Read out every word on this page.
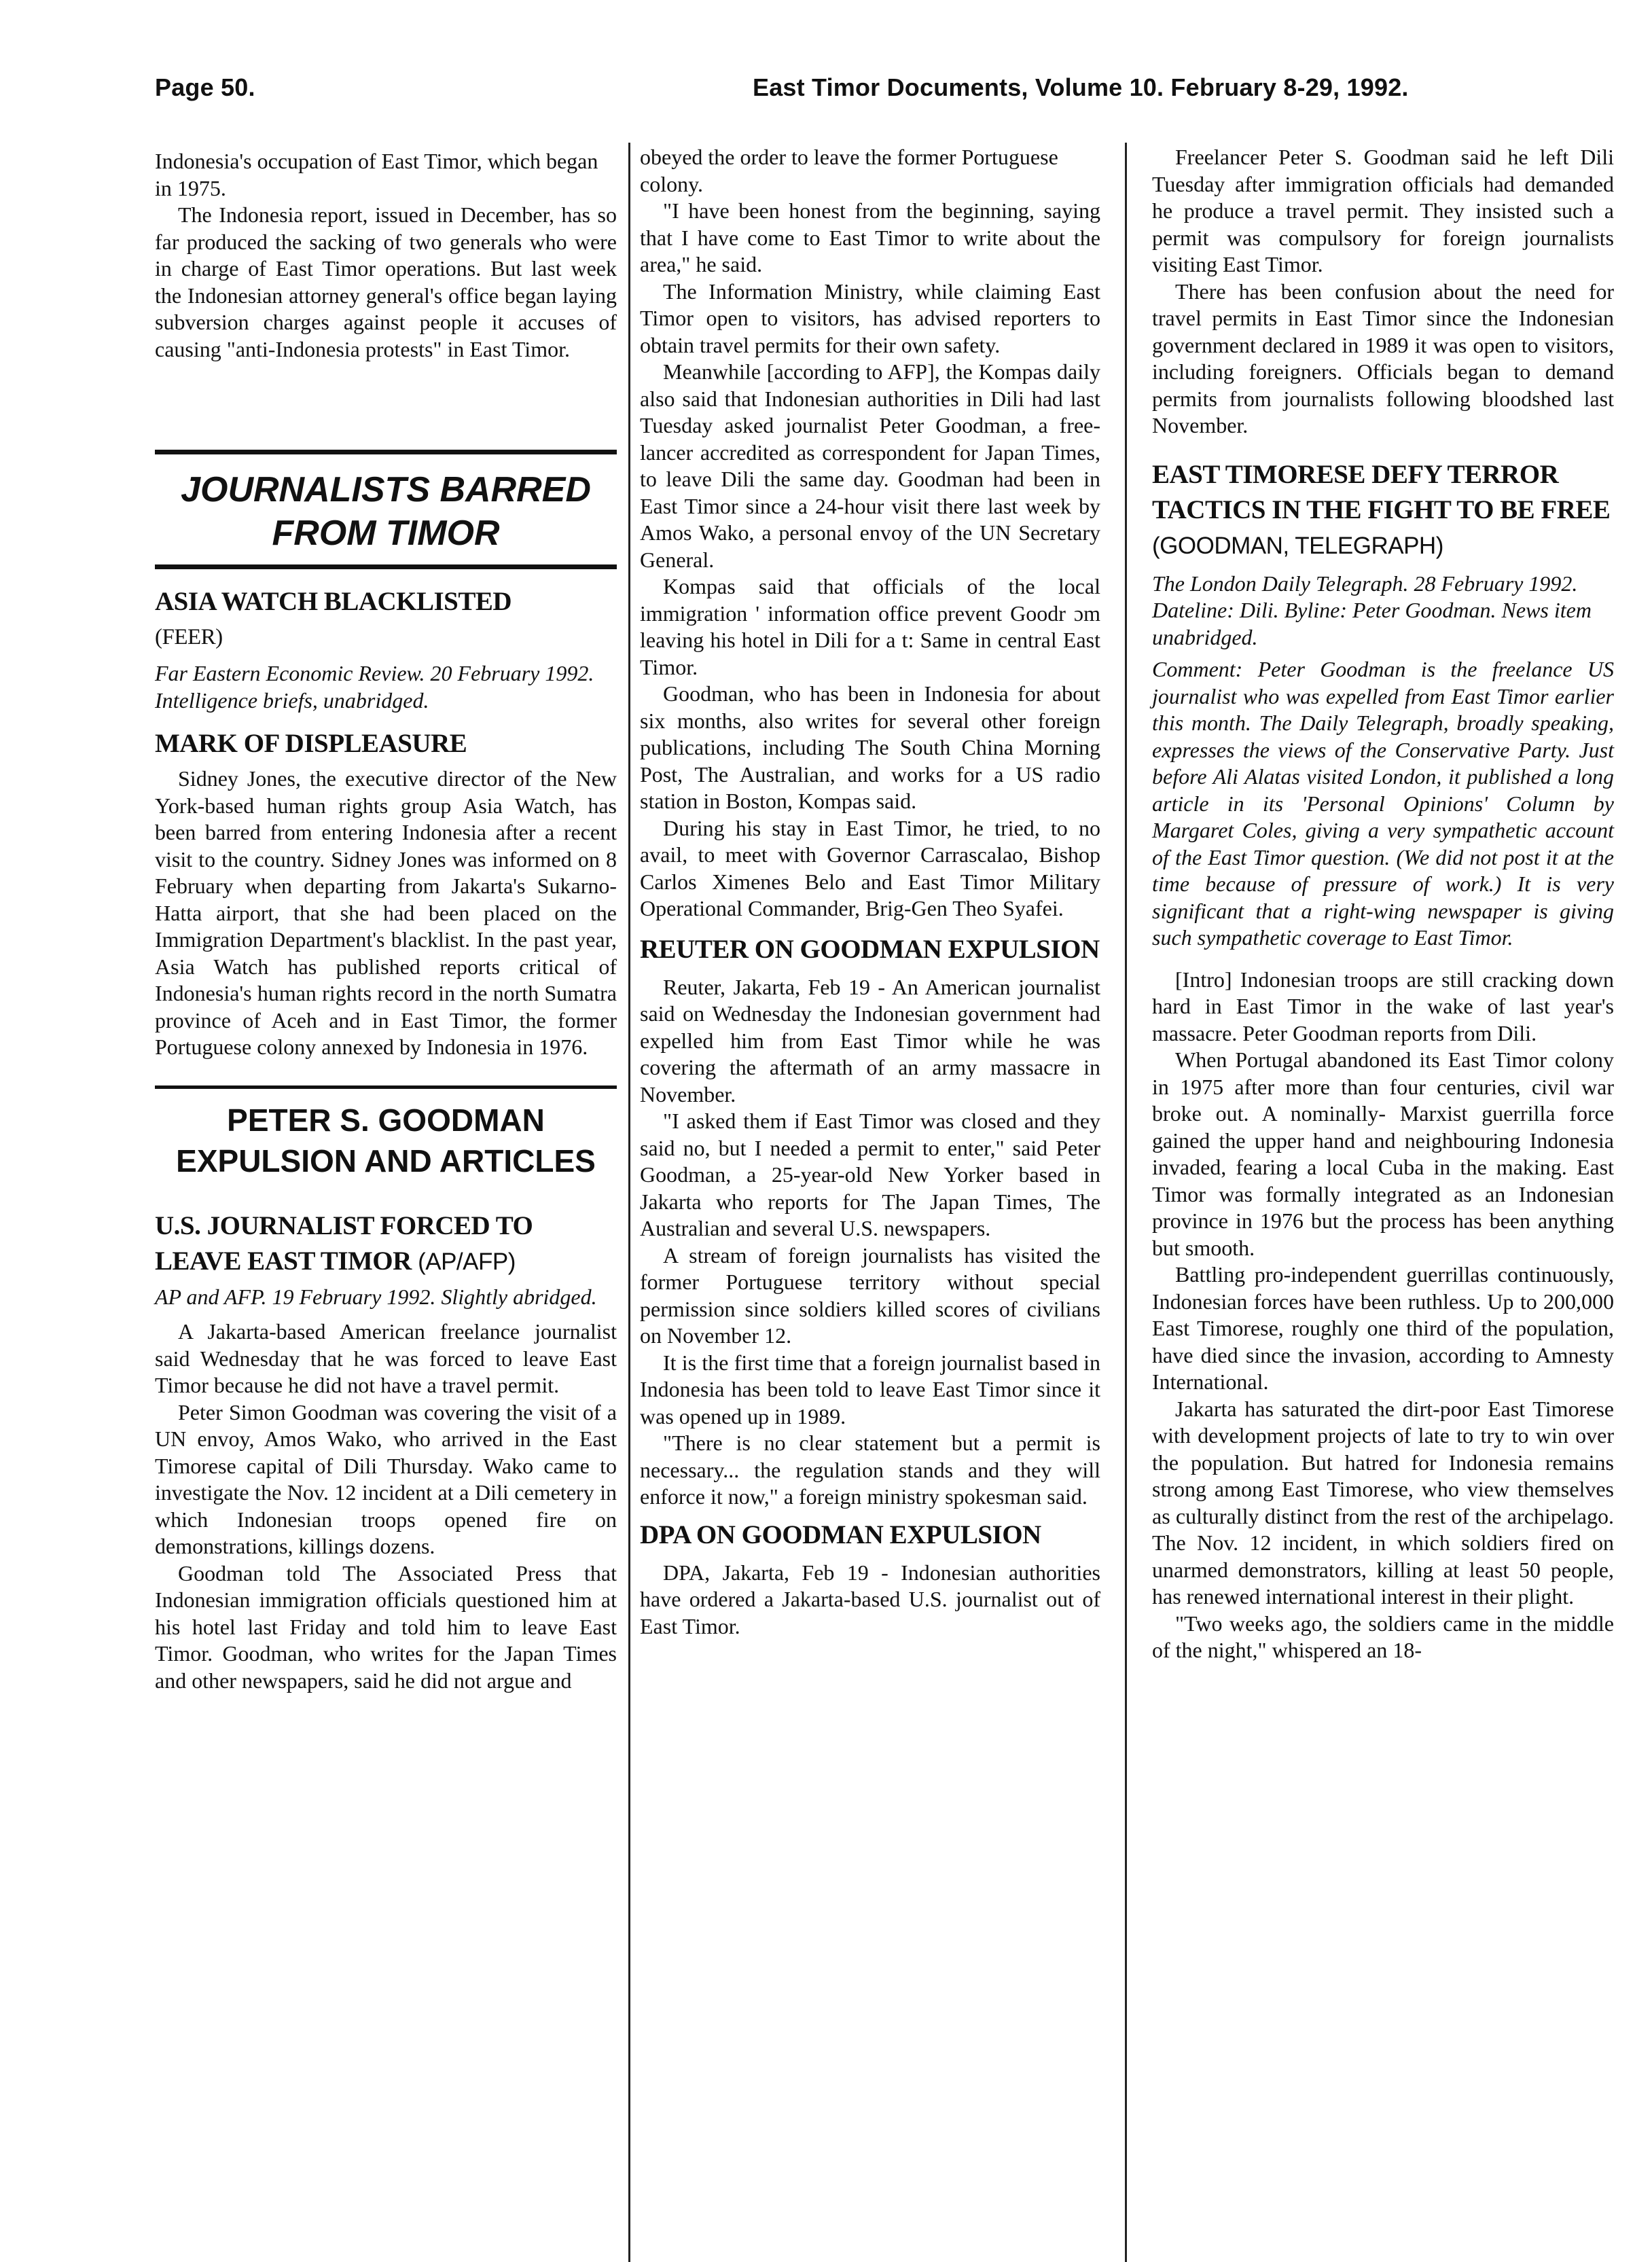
Page 50.	East Timor Documents, Volume 10. February 8-29, 1992.

Indonesia's occupation of East Timor, which began in 1975.

The Indonesia report, issued in December, has so far produced the sacking of two generals who were in charge of East Timor operations. But last week the Indonesian attorney general's office began laying subversion charges against people it accuses of causing "anti-Indonesia protests" in East Timor.

JOURNALISTS BARRED FROM TIMOR
ASIA WATCH BLACKLISTED
(FEER)

Far Eastern Economic Review. 20 February 1992. Intelligence briefs, unabridged.

MARK OF DISPLEASURE

Sidney Jones, the executive director of the New York-based human rights group Asia Watch, has been barred from entering Indonesia after a recent visit to the country. Sidney Jones was informed on 8 February when departing from Jakarta's Sukarno-Hatta airport, that she had been placed on the Immigration Department's blacklist. In the past year, Asia Watch has published reports critical of Indonesia's human rights record in the north Sumatra province of Aceh and in East Timor, the former Portuguese colony annexed by Indonesia in 1976.

PETER S. GOODMAN EXPULSION AND ARTICLES
U.S. JOURNALIST FORCED TO LEAVE EAST TIMOR (AP/AFP)

AP and AFP. 19 February 1992. Slightly abridged.

A Jakarta-based American freelance journalist said Wednesday that he was forced to leave East Timor because he did not have a travel permit.

Peter Simon Goodman was covering the visit of a UN envoy, Amos Wako, who arrived in the East Timorese capital of Dili Thursday. Wako came to investigate the Nov. 12 incident at a Dili cemetery in which Indonesian troops opened fire on demonstrations, killings dozens.

Goodman told The Associated Press that Indonesian immigration officials questioned him at his hotel last Friday and told him to leave East Timor. Goodman, who writes for the Japan Times and other newspapers, said he did not argue and

obeyed the order to leave the former Portuguese colony.

"I have been honest from the beginning, saying that I have come to East Timor to write about the area," he said.

The Information Ministry, while claiming East Timor open to visitors, has advised reporters to obtain travel permits for their own safety.

Meanwhile [according to AFP], the Kompas daily also said that Indonesian authorities in Dili had last Tuesday asked journalist Peter Goodman, a free-lancer accredited as correspondent for Japan Times, to leave Dili the same day. Goodman had been in East Timor since a 24-hour visit there last week by Amos Wako, a personal envoy of the UN Secretary General.

Kompas said that officials of the local immigration ' information office prevent Goodr ɔm leaving his hotel in Dili for a t: Same in central East Timor.

Goodman, who has been in Indonesia for about six months, also writes for several other foreign publications, including The South China Morning Post, The Australian, and works for a US radio station in Boston, Kompas said.

During his stay in East Timor, he tried, to no avail, to meet with Governor Carrascalao, Bishop Carlos Ximenes Belo and East Timor Military Operational Commander, Brig-Gen Theo Syafei.

REUTER ON GOODMAN EXPULSION

Reuter, Jakarta, Feb 19 - An American journalist said on Wednesday the Indonesian government had expelled him from East Timor while he was covering the aftermath of an army massacre in November.

"I asked them if East Timor was closed and they said no, but I needed a permit to enter," said Peter Goodman, a 25-year-old New Yorker based in Jakarta who reports for The Japan Times, The Australian and several U.S. newspapers.

A stream of foreign journalists has visited the former Portuguese territory without special permission since soldiers killed scores of civilians on November 12.

It is the first time that a foreign journalist based in Indonesia has been told to leave East Timor since it was opened up in 1989.

"There is no clear statement but a permit is necessary... the regulation stands and they will enforce it now," a foreign ministry spokesman said.

DPA ON GOODMAN EXPULSION

DPA, Jakarta, Feb 19 - Indonesian authorities have ordered a Jakarta-based U.S. journalist out of East Timor.

Freelancer Peter S. Goodman said he left Dili Tuesday after immigration officials had demanded he produce a travel permit. They insisted such a permit was compulsory for foreign journalists visiting East Timor.

There has been confusion about the need for travel permits in East Timor since the Indonesian government declared in 1989 it was open to visitors, including foreigners. Officials began to demand permits from journalists following bloodshed last November.

EAST TIMORESE DEFY TERROR TACTICS IN THE FIGHT TO BE FREE (GOODMAN, TELEGRAPH)

The London Daily Telegraph. 28 February 1992. Dateline: Dili. Byline: Peter Goodman. News item unabridged.

Comment: Peter Goodman is the freelance US journalist who was expelled from East Timor earlier this month. The Daily Telegraph, broadly speaking, expresses the views of the Conservative Party. Just before Ali Alatas visited London, it published a long article in its 'Personal Opinions' Column by Margaret Coles, giving a very sympathetic account of the East Timor question. (We did not post it at the time because of pressure of work.) It is very significant that a right-wing newspaper is giving such sympathetic coverage to East Timor.

[Intro] Indonesian troops are still cracking down hard in East Timor in the wake of last year's massacre. Peter Goodman reports from Dili.

When Portugal abandoned its East Timor colony in 1975 after more than four centuries, civil war broke out. A nominally- Marxist guerrilla force gained the upper hand and neighbouring Indonesia invaded, fearing a local Cuba in the making. East Timor was formally integrated as an Indonesian province in 1976 but the process has been anything but smooth.

Battling pro-independent guerrillas continuously, Indonesian forces have been ruthless. Up to 200,000 East Timorese, roughly one third of the population, have died since the invasion, according to Amnesty International.

Jakarta has saturated the dirt-poor East Timorese with development projects of late to try to win over the population. But hatred for Indonesia remains strong among East Timorese, who view themselves as culturally distinct from the rest of the archipelago. The Nov. 12 incident, in which soldiers fired on unarmed demonstrators, killing at least 50 people, has renewed international interest in their plight.

"Two weeks ago, the soldiers came in the middle of the night," whispered an 18-
